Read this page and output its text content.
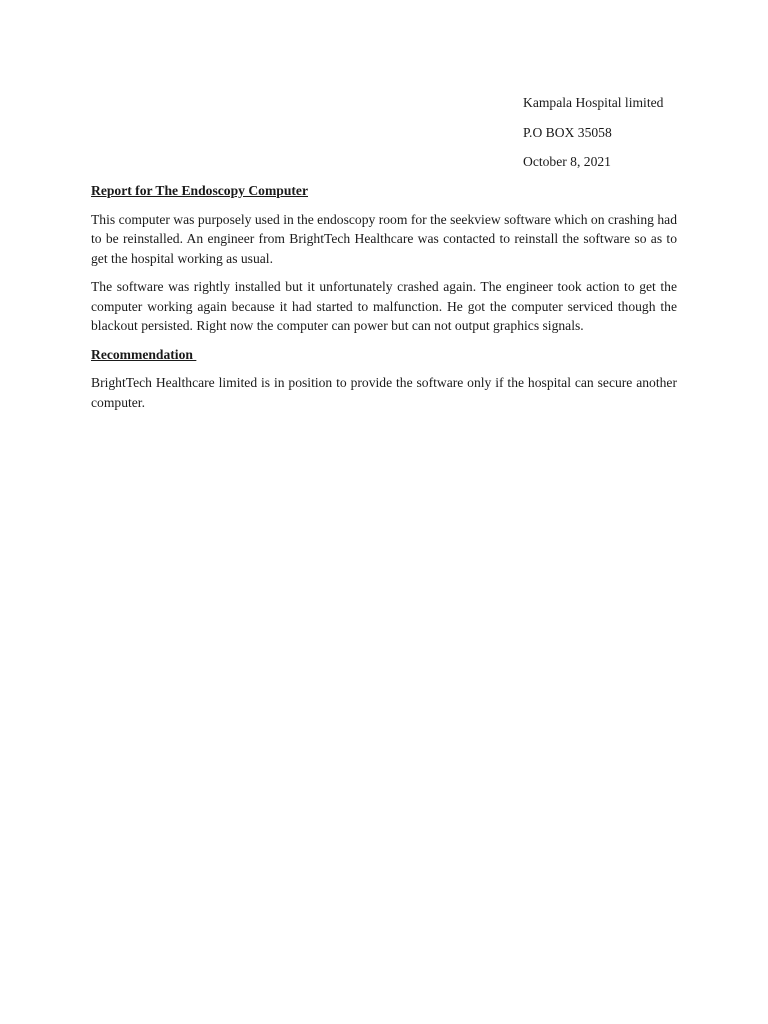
Kampala Hospital limited
P.O BOX 35058
October 8, 2021

Report for The Endoscopy Computer

This computer was purposely used in the endoscopy room for the seekview software which on crashing had to be reinstalled. An engineer from BrightTech Healthcare was contacted to reinstall the software so as to get the hospital working as usual.

The software was rightly installed but it unfortunately crashed again. The engineer took action to get the computer working again because it had started to malfunction. He got the computer serviced though the blackout persisted. Right now the computer can power but can not output graphics signals.

Recommendation

BrightTech Healthcare limited is in position to provide the software only if the hospital can secure another computer.
